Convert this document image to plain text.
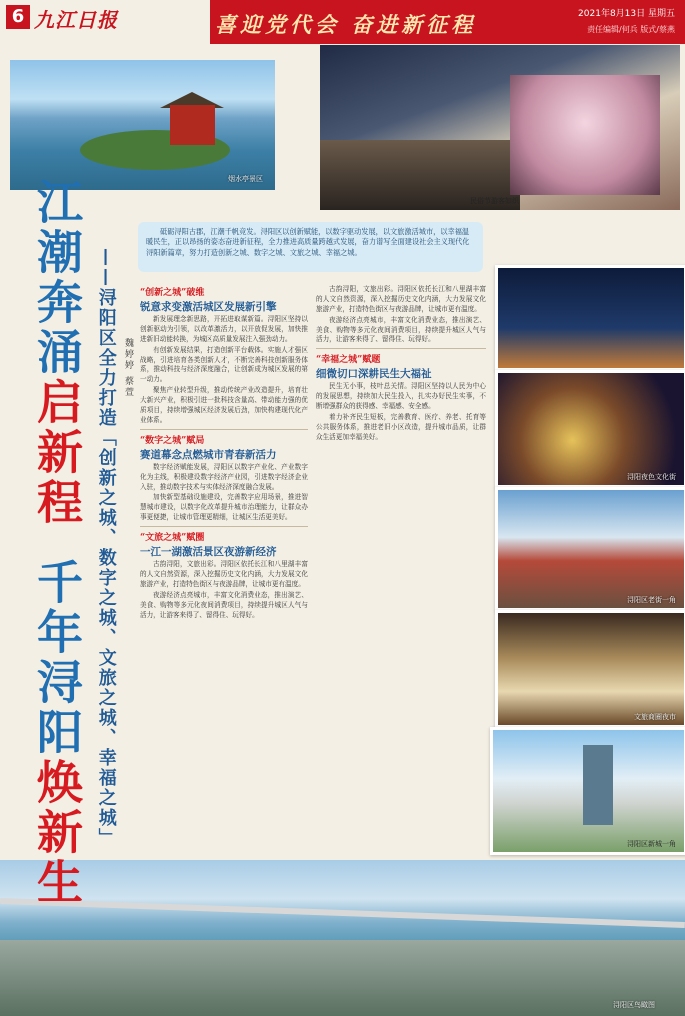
6 九江日报	喜迎党代会 奋进新征程	2021年8月13日 星期五
责任编辑/何兵 版式/蔡燕
民俗节游客如织
烟水亭景区
浔阳夜色文化街
浔阳区老街一角
文旅商圈夜市
浔阳区新城一角
浔阳区鸟瞰图
江潮奔涌启新程
千年浔阳焕新生 ——浔阳区全力打造「创新之城、数字之城、文旅之城、幸福之城」 魏婷婷 蔡萱
砥砺浔阳古郡，江潮千帆竞发。浔阳区以创新赋能，以数字驱动发展，以文旅激活城市，以幸福温暖民生，正以昂扬的姿态奋进新征程，全力推进高质量跨越式发展，奋力谱写全面建设社会主义现代化浔阳新篇章，努力打造创新之城、数字之城、文旅之城、幸福之城。

“创新之城”破维

锐意求变激活城区发展新引擎

新发展理念新思路，开拓进取谋新篇。浔阳区坚持以创新驱动为引领，以改革激活力，以开放促发展，加快推进新旧动能转换，为城区高质量发展注入强劲动力。

有创新发展结果，打造创新平台载体。实施人才强区战略，引进培育各类创新人才，不断完善科技创新服务体系，推动科技与经济深度融合，让创新成为城区发展的第一动力。

聚焦产业转型升级，推动传统产业改造提升，培育壮大新兴产业，积极引进一批科技含量高、带动能力强的优质项目，持续增强城区经济发展后劲，加快构建现代化产业体系。

“数字之城”赋局

赛道幕念点燃城市青春新活力

数字经济赋能发展，浔阳区以数字产业化、产业数字化为主线，积极建设数字经济产业园，引进数字经济企业入驻，推动数字技术与实体经济深度融合发展。

加快新型基础设施建设，完善数字应用场景，推进智慧城市建设，以数字化改革提升城市治理能力，让群众办事更便捷，让城市管理更精细，让城区生活更美好。

“文旅之城”赋圈

一江一湖激活景区夜游新经济

古韵浔阳，文旅出彩。浔阳区依托长江和八里湖丰富的人文自然资源，深入挖掘历史文化内涵，大力发展文化旅游产业，打造特色街区与夜游品牌，让城市更有温度。

夜游经济点亮城市，丰富文化消费业态，推出演艺、美食、购物等多元化夜间消费项目，持续提升城区人气与活力，让游客来得了、留得住、玩得好。

古韵浔阳，文旅出彩。浔阳区依托长江和八里湖丰富的人文自然资源，深入挖掘历史文化内涵，大力发展文化旅游产业，打造特色街区与夜游品牌，让城市更有温度。

夜游经济点亮城市，丰富文化消费业态，推出演艺、美食、购物等多元化夜间消费项目，持续提升城区人气与活力，让游客来得了、留得住、玩得好。

“幸福之城”赋题

细微切口深耕民生大福祉

民生无小事，枝叶总关情。浔阳区坚持以人民为中心的发展思想，持续加大民生投入，扎实办好民生实事，不断增强群众的获得感、幸福感、安全感。

着力补齐民生短板，完善教育、医疗、养老、托育等公共服务体系，推进老旧小区改造，提升城市品质，让群众生活更加幸福美好。
